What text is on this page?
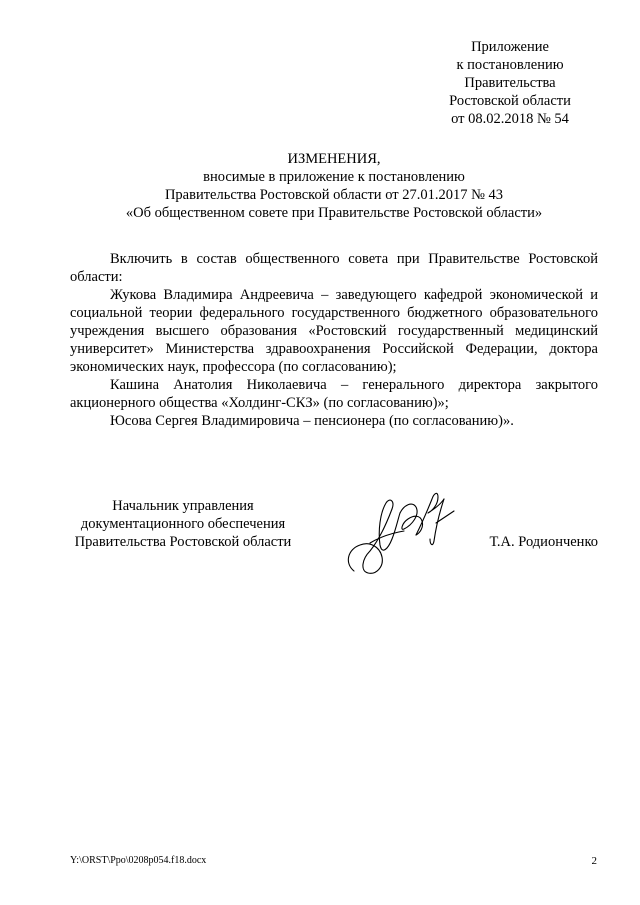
Приложение
к постановлению
Правительства
Ростовской области
от 08.02.2018 № 54
ИЗМЕНЕНИЯ,
вносимые в приложение к постановлению
Правительства Ростовской области от 27.01.2017 № 43
«Об общественном совете при Правительстве Ростовской области»

Включить в состав общественного совета при Правительстве Ростовской области:

Жукова Владимира Андреевича – заведующего кафедрой экономической и социальной теории федерального государственного бюджетного образовательного учреждения высшего образования «Ростовский государственный медицинский университет» Министерства здравоохранения Российской Федерации, доктора экономических наук, профессора (по согласованию);

Кашина Анатолия Николаевича – генерального директора закрытого акционерного общества «Холдинг-СКЗ» (по согласованию)»;

Юсова Сергея Владимировича – пенсионера (по согласованию)».

Начальник управления
документационного обеспечения
Правительства Ростовской области	Т.А. Родионченко
Y:\ORST\Ppo\0208p054.f18.docx	2
